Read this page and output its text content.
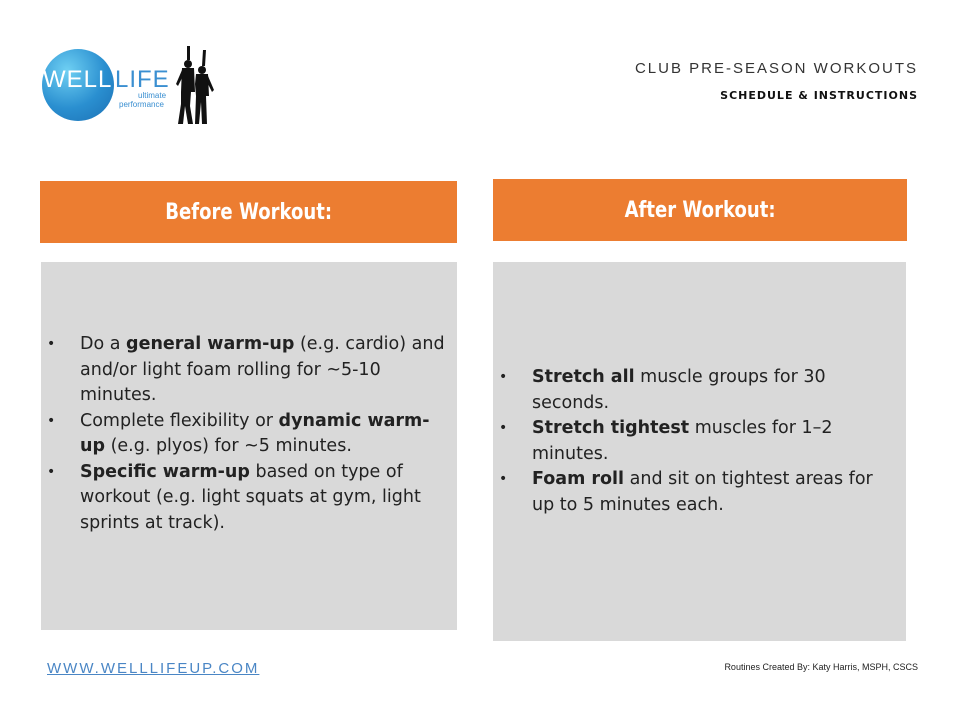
WELL LIFE
ultimate
performance
CLUB PRE-SEASON WORKOUTS
SCHEDULE & INSTRUCTIONS
Before Workout:
• Do a general warm-up (e.g. cardio) and and/or light foam rolling for ~5-10 minutes.
• Complete flexibility or dynamic warm-up (e.g. plyos) for ~5 minutes.
• Specific warm-up based on type of workout (e.g. light squats at gym, light sprints at track).
After Workout:
• Stretch all muscle groups for 30 seconds.
• Stretch tightest muscles for 1–2 minutes.
• Foam roll and sit on tightest areas for up to 5 minutes each.
WWW.WELLLIFEUP.COM	Routines Created By: Katy Harris, MSPH, CSCS
